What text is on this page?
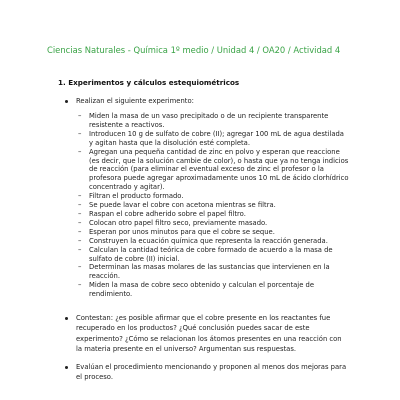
Ciencias Naturales - Química 1º medio / Unidad 4 / OA20 / Actividad 4
1. Experimentos y cálculos estequiométricos
Realizan el siguiente experimento:
– Miden la masa de un vaso precipitado o de un recipiente transparente resistente a reactivos.
– Introducen 10 g de sulfato de cobre (II); agregar 100 mL de agua destilada y agitan hasta que la disolución esté completa.
– Agregan una pequeña cantidad de zinc en polvo y esperan que reaccione (es decir, que la solución cambie de color), o hasta que ya no tenga indicios de reacción (para eliminar el eventual exceso de zinc el profesor o la profesora puede agregar aproximadamente unos 10 mL de ácido clorhídrico concentrado y agitar).
– Filtran el producto formado.
– Se puede lavar el cobre con acetona mientras se filtra.
– Raspan el cobre adherido sobre el papel filtro.
– Colocan otro papel filtro seco, previamente masado.
– Esperan por unos minutos para que el cobre se seque.
– Construyen la ecuación química que representa la reacción generada.
– Calculan la cantidad teórica de cobre formado de acuerdo a la masa de sulfato de cobre (II) inicial.
– Determinan las masas molares de las sustancias que intervienen en la reacción.
– Miden la masa de cobre seco obtenido y calculan el porcentaje de rendimiento.
Contestan: ¿es posible afirmar que el cobre presente en los reactantes fue recuperado en los productos? ¿Qué conclusión puedes sacar de este experimento? ¿Cómo se relacionan los átomos presentes en una reacción con la materia presente en el universo? Argumentan sus respuestas.
Evalúan el procedimiento mencionando y proponen al menos dos mejoras para el proceso.
